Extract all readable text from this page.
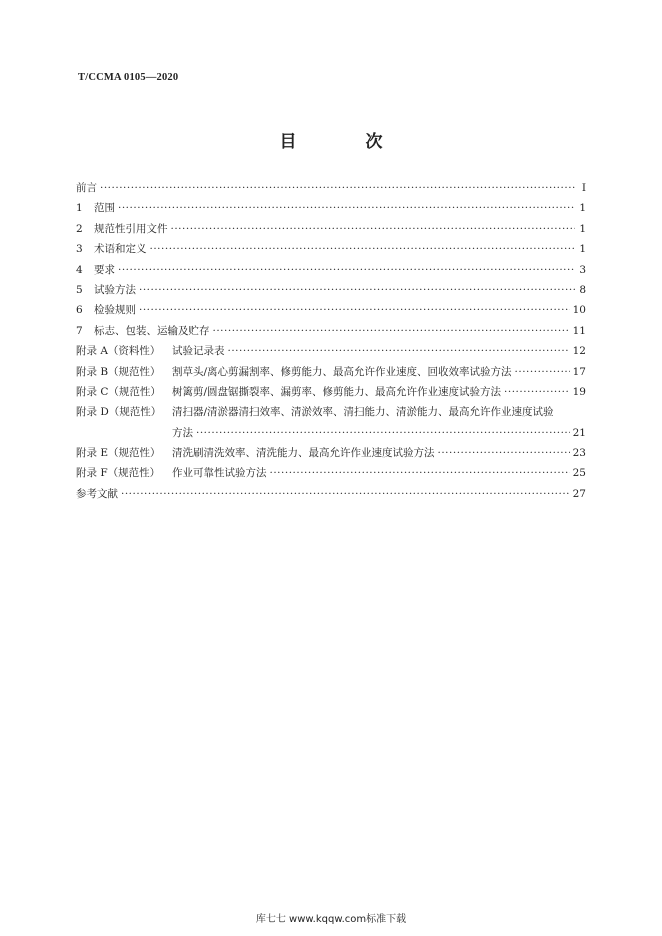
T/CCMA 0105—2020
目　次
前言 ·····	I
1	范围 ·····	1
2	规范性引用文件 ·····	1
3	术语和定义 ·····	1
4	要求 ·····	3
5	试验方法 ·····	8
6	检验规则 ·····	10
7	标志、包装、运输及贮存 ·····	11
附录 A（资料性）	试验记录表 ·····	12
附录 B（规范性）	割草头/离心剪漏割率、修剪能力、最高允许作业速度、回收效率试验方法 ·····	17
附录 C（规范性）	树篱剪/圆盘锯撕裂率、漏剪率、修剪能力、最高允许作业速度试验方法 ·····	19
附录 D（规范性）	清扫器/清淤器清扫效率、清淤效率、清扫能力、清淤能力、最高允许作业速度试验
方法 ·····	21
附录 E（规范性）	清洗刷清洗效率、清洗能力、最高允许作业速度试验方法 ·····	23
附录 F（规范性）	作业可靠性试验方法 ·····	25
参考文献 ·····	27
库七七 www.kqqw.com标准下载
